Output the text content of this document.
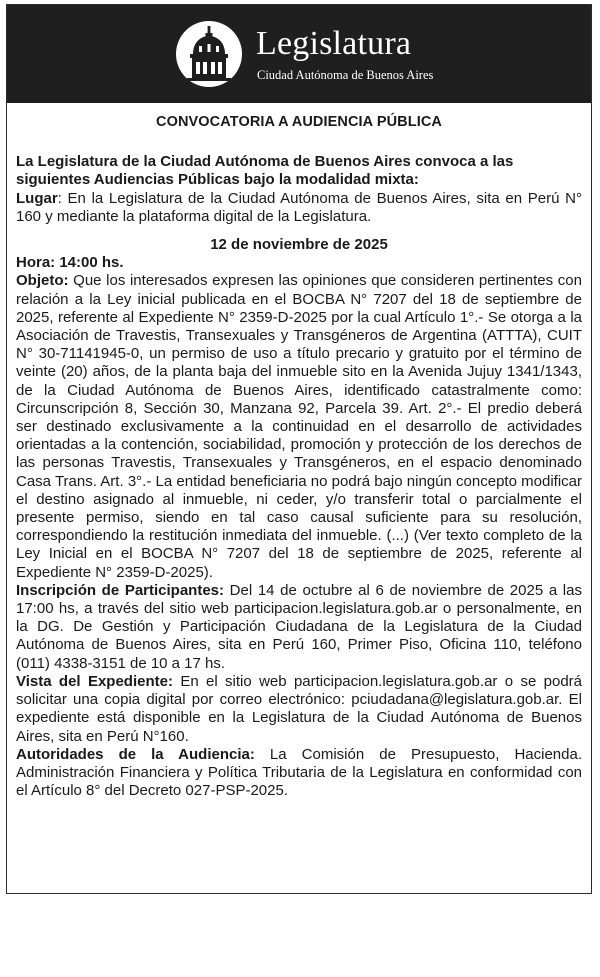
Legislatura
Ciudad Autónoma de Buenos Aires
CONVOCATORIA A AUDIENCIA PÚBLICA

La Legislatura de la Ciudad Autónoma de Buenos Aires convoca a las siguientes Audiencias Públicas bajo la modalidad mixta:

Lugar: En la Legislatura de la Ciudad Autónoma de Buenos Aires, sita en Perú N° 160 y mediante la plataforma digital de la Legislatura.

12 de noviembre de 2025

Hora: 14:00 hs.

Objeto: Que los interesados expresen las opiniones que consideren pertinentes con relación a la Ley inicial publicada en el BOCBA N° 7207 del 18 de septiembre de 2025, referente al Expediente N° 2359-D-2025 por la cual Artículo 1°.- Se otorga a la Asociación de Travestis, Transexuales y Transgéneros de Argentina (ATTTA), CUIT N° 30-71141945-0, un permiso de uso a título precario y gratuito por el término de veinte (20) años, de la planta baja del inmueble sito en la Avenida Jujuy 1341/1343, de la Ciudad Autónoma de Buenos Aires, identificado catastralmente como: Circunscripción 8, Sección 30, Manzana 92, Parcela 39. Art. 2°.- El predio deberá ser destinado exclusivamente a la continuidad en el desarrollo de actividades orientadas a la contención, sociabilidad, promoción y protección de los derechos de las personas Travestis, Transexuales y Transgéneros, en el espacio denominado Casa Trans. Art. 3°.- La entidad beneficiaria no podrá bajo ningún concepto modificar el destino asignado al inmueble, ni ceder, y/o transferir total o parcialmente el presente permiso, siendo en tal caso causal suficiente para su resolución, correspondiendo la restitución inmediata del inmueble. (...) (Ver texto completo de la Ley Inicial en el BOCBA N° 7207 del 18 de septiembre de 2025, referente al Expediente N° 2359-D-2025).

Inscripción de Participantes: Del 14 de octubre al 6 de noviembre de 2025 a las 17:00 hs, a través del sitio web participacion.legislatura.gob.ar o personalmente, en la DG. De Gestión y Participación Ciudadana de la Legislatura de la Ciudad Autónoma de Buenos Aires, sita en Perú 160, Primer Piso, Oficina 110, teléfono (011) 4338-3151 de 10 a 17 hs.

Vista del Expediente: En el sitio web participacion.legislatura.gob.ar o se podrá solicitar una copia digital por correo electrónico: pciudadana@legislatura.gob.ar. El expediente está disponible en la Legislatura de la Ciudad Autónoma de Buenos Aires, sita en Perú N°160.

Autoridades de la Audiencia: La Comisión de Presupuesto, Hacienda. Administración Financiera y Política Tributaria de la Legislatura en conformidad con el Artículo 8° del Decreto 027-PSP-2025.
